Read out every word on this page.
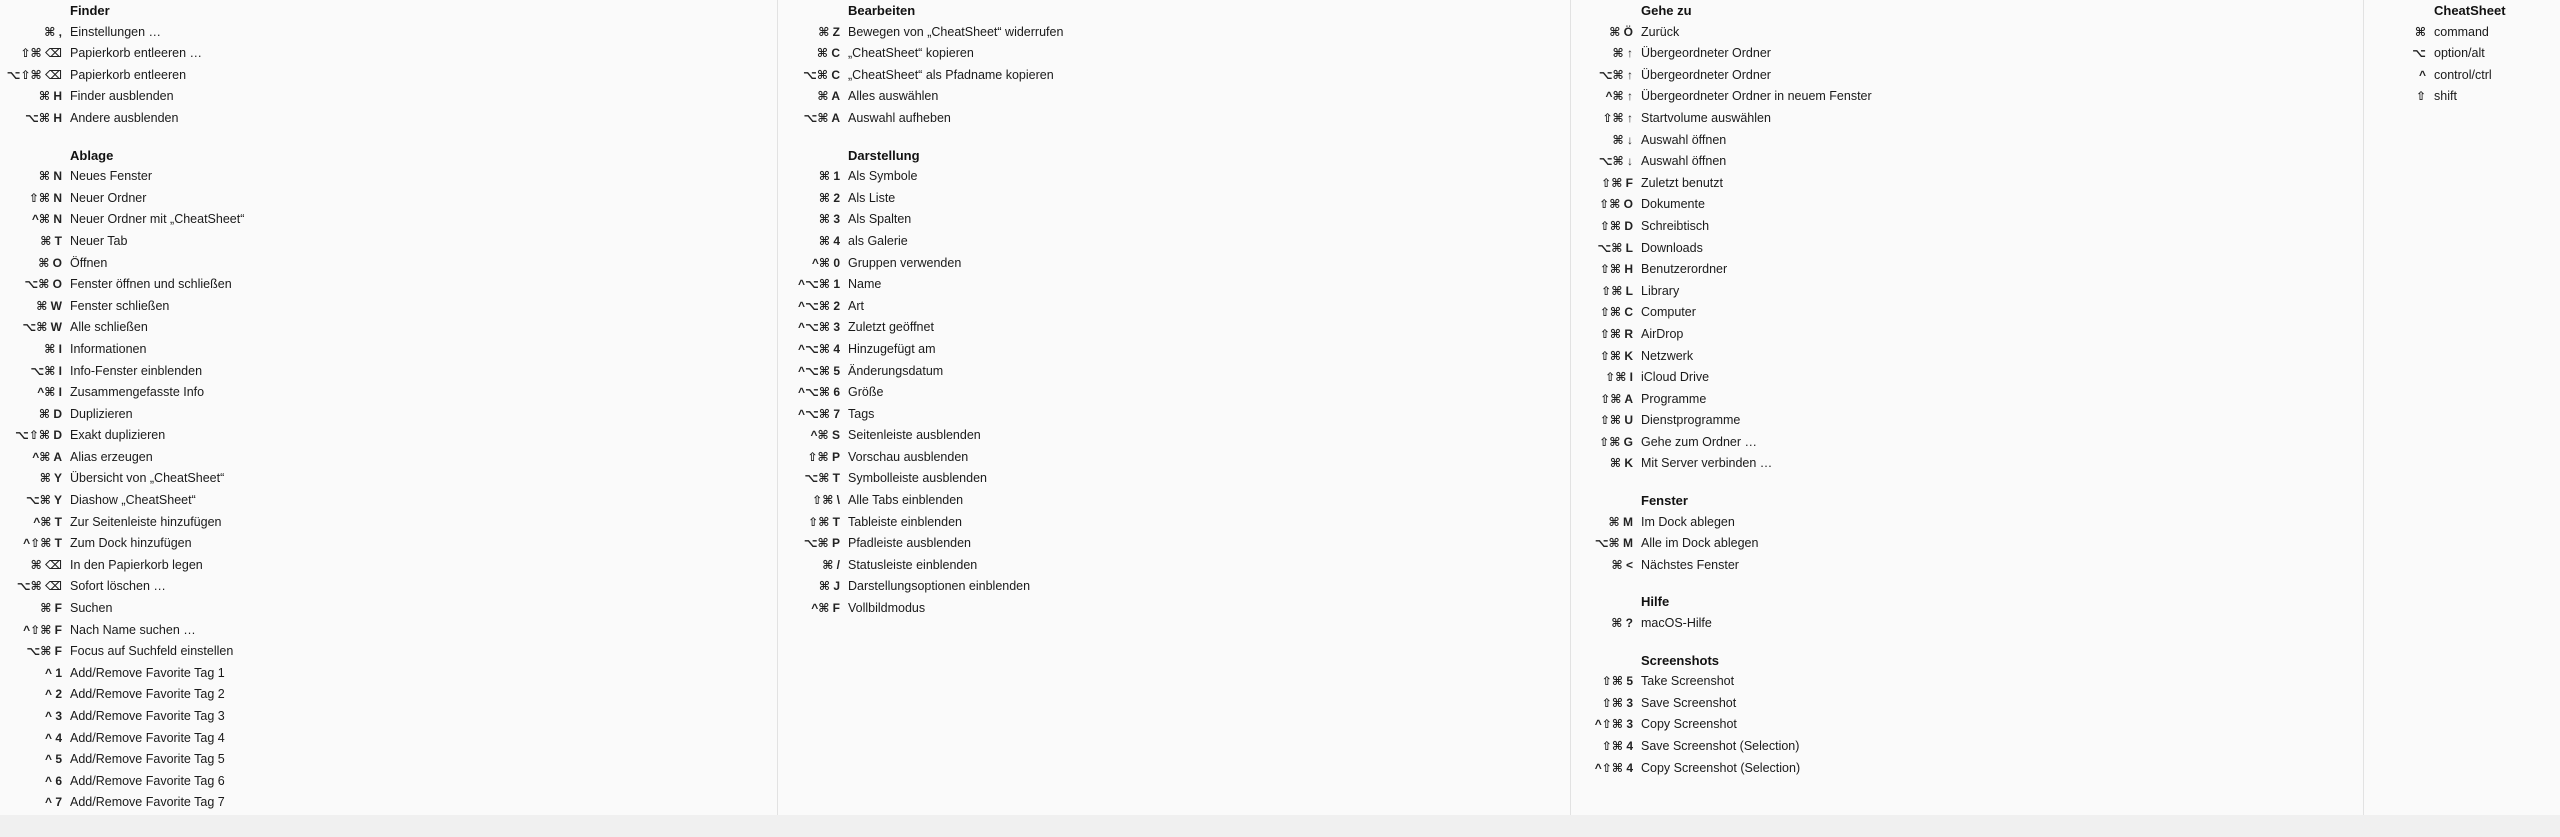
Finder
⌘ , Einstellungen …
⇧⌘ ⌫ Papierkorb entleeren …
⌥⇧⌘ ⌫ Papierkorb entleeren
⌘ H Finder ausblenden
⌥⌘ H Andere ausblenden
Ablage
⌘ N Neues Fenster
⇧⌘ N Neuer Ordner
^⌘ N Neuer Ordner mit „CheatSheet“
⌘ T Neuer Tab
⌘ O Öffnen
⌥⌘ O Fenster öffnen und schließen
⌘ W Fenster schließen
⌥⌘ W Alle schließen
⌘ I Informationen
⌥⌘ I Info-Fenster einblenden
^⌘ I Zusammengefasste Info
⌘ D Duplizieren
⌥⇧⌘ D Exakt duplizieren
^⌘ A Alias erzeugen
⌘ Y Übersicht von „CheatSheet“
⌥⌘ Y Diashow „CheatSheet“
^⌘ T Zur Seitenleiste hinzufügen
^⇧⌘ T Zum Dock hinzufügen
⌘ ⌫ In den Papierkorb legen
⌥⌘ ⌫ Sofort löschen …
⌘ F Suchen
^⇧⌘ F Nach Name suchen …
⌥⌘ F Focus auf Suchfeld einstellen
^ 1 Add/Remove Favorite Tag 1
^ 2 Add/Remove Favorite Tag 2
^ 3 Add/Remove Favorite Tag 3
^ 4 Add/Remove Favorite Tag 4
^ 5 Add/Remove Favorite Tag 5
^ 6 Add/Remove Favorite Tag 6
^ 7 Add/Remove Favorite Tag 7
Bearbeiten
⌘ Z Bewegen von „CheatSheet“ widerrufen
⌘ C „CheatSheet“ kopieren
⌥⌘ C „CheatSheet“ als Pfadname kopieren
⌘ A Alles auswählen
⌥⌘ A Auswahl aufheben
Darstellung
⌘ 1 Als Symbole
⌘ 2 Als Liste
⌘ 3 Als Spalten
⌘ 4 als Galerie
^⌘ 0 Gruppen verwenden
^⌥⌘ 1 Name
^⌥⌘ 2 Art
^⌥⌘ 3 Zuletzt geöffnet
^⌥⌘ 4 Hinzugefügt am
^⌥⌘ 5 Änderungsdatum
^⌥⌘ 6 Größe
^⌥⌘ 7 Tags
^⌘ S Seitenleiste ausblenden
⇧⌘ P Vorschau ausblenden
⌥⌘ T Symbolleiste ausblenden
⇧⌘ \ Alle Tabs einblenden
⇧⌘ T Tableiste einblenden
⌥⌘ P Pfadleiste ausblenden
⌘ / Statusleiste einblenden
⌘ J Darstellungsoptionen einblenden
^⌘ F Vollbildmodus
Gehe zu
⌘ Ö Zurück
⌘ ↑ Übergeordneter Ordner
⌥⌘ ↑ Übergeordneter Ordner
^⌘ ↑ Übergeordneter Ordner in neuem Fenster
⇧⌘ ↑ Startvolume auswählen
⌘ ↓ Auswahl öffnen
⌥⌘ ↓ Auswahl öffnen
⇧⌘ F Zuletzt benutzt
⇧⌘ O Dokumente
⇧⌘ D Schreibtisch
⌥⌘ L Downloads
⇧⌘ H Benutzerordner
⇧⌘ L Library
⇧⌘ C Computer
⇧⌘ R AirDrop
⇧⌘ K Netzwerk
⇧⌘ I iCloud Drive
⇧⌘ A Programme
⇧⌘ U Dienstprogramme
⇧⌘ G Gehe zum Ordner …
⌘ K Mit Server verbinden …
Fenster
⌘ M Im Dock ablegen
⌥⌘ M Alle im Dock ablegen
⌘ < Nächstes Fenster
Hilfe
⌘ ? macOS-Hilfe
Screenshots
⇧⌘ 5 Take Screenshot
⇧⌘ 3 Save Screenshot
^⇧⌘ 3 Copy Screenshot
⇧⌘ 4 Save Screenshot (Selection)
^⇧⌘ 4 Copy Screenshot (Selection)
CheatSheet
⌘ command
⌥ option/alt
^ control/ctrl
⇧ shift
